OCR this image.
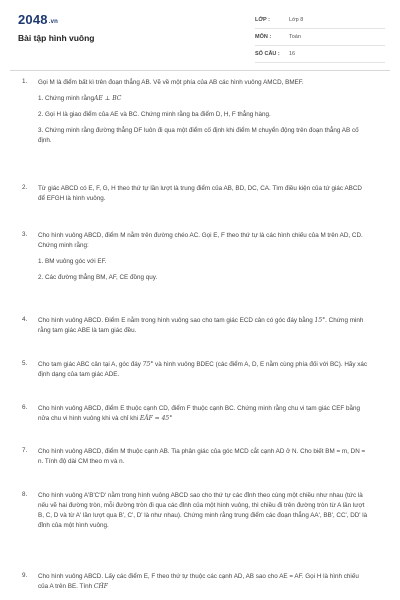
2048.vn
Bài tập hình vuông
LỚP :	Lớp 8
MÔN :	Toán
SỐ CÂU : 16
1. Gọi M là điểm bất kì trên đoạn thẳng AB. Vẽ về một phía của AB các hình vuông AMCD, BMEF.

1. Chứng minh rằngAE ⊥ BC

2. Gọi H là giao điểm của AE và BC. Chứng minh rằng ba điểm D, H, F thẳng hàng.

3. Chứng minh rằng đường thẳng DF luôn đi qua một điểm cố định khi điểm M chuyển động trên đoạn thẳng AB cố định.

2. Từ giác ABCD có E, F, G, H theo thứ tự lần lượt là trung điểm của AB, BD, DC, CA. Tìm điều kiện của tứ giác ABCD để EFGH là hình vuông.

3. Cho hình vuông ABCD, điểm M nằm trên đường chéo AC. Gọi E, F theo thứ tự là các hình chiếu của M trên AD, CD. Chứng minh rằng:

1. BM vuông góc với EF.

2. Các đường thẳng BM, AF, CE đồng quy.

4. Cho hình vuông ABCD. Điểm E nằm trong hình vuông sao cho tam giác ECD cân có góc đáy bằng 15°. Chứng minh rằng tam giác ABE là tam giác đều.

5. Cho tam giác ABC cân tại A, góc đáy 75° và hình vuông BDEC (các điểm A, D, E nằm cùng phía đối với BC). Hãy xác định dạng của tam giác ADE.

6. Cho hình vuông ABCD, điểm E thuộc cạnh CD, điểm F thuộc cạnh BC. Chứng minh rằng chu vi tam giác CEF bằng nửa chu vi hình vuông khi và chỉ khi EÂF = 45°

7. Cho hình vuông ABCD, điểm M thuộc cạnh AB. Tia phân giác của góc MCD cắt cạnh AD ở N. Cho biết BM = m, DN = n. Tính độ dài CM theo m và n.

8. Cho hình vuông A'B'C'D' nằm trong hình vuông ABCD sao cho thứ tự các đỉnh theo cùng một chiều như nhau (tức là nếu vẽ hai đường tròn, mỗi đường tròn đi qua các đỉnh của một hình vuông, thì chiều đi trên đường tròn từ A lần lượt B, C, D và từ A' lần lượt qua B', C', D' là như nhau). Chứng minh rằng trung điểm các đoạn thẳng AA', BB', CC', DD' là đỉnh của một hình vuông.

9. Cho hình vuông ABCD. Lấy các điểm E, F theo thứ tự thuộc các cạnh AD, AB sao cho AE = AF. Gọi H là hình chiếu của A trên BE. Tính CĤF
